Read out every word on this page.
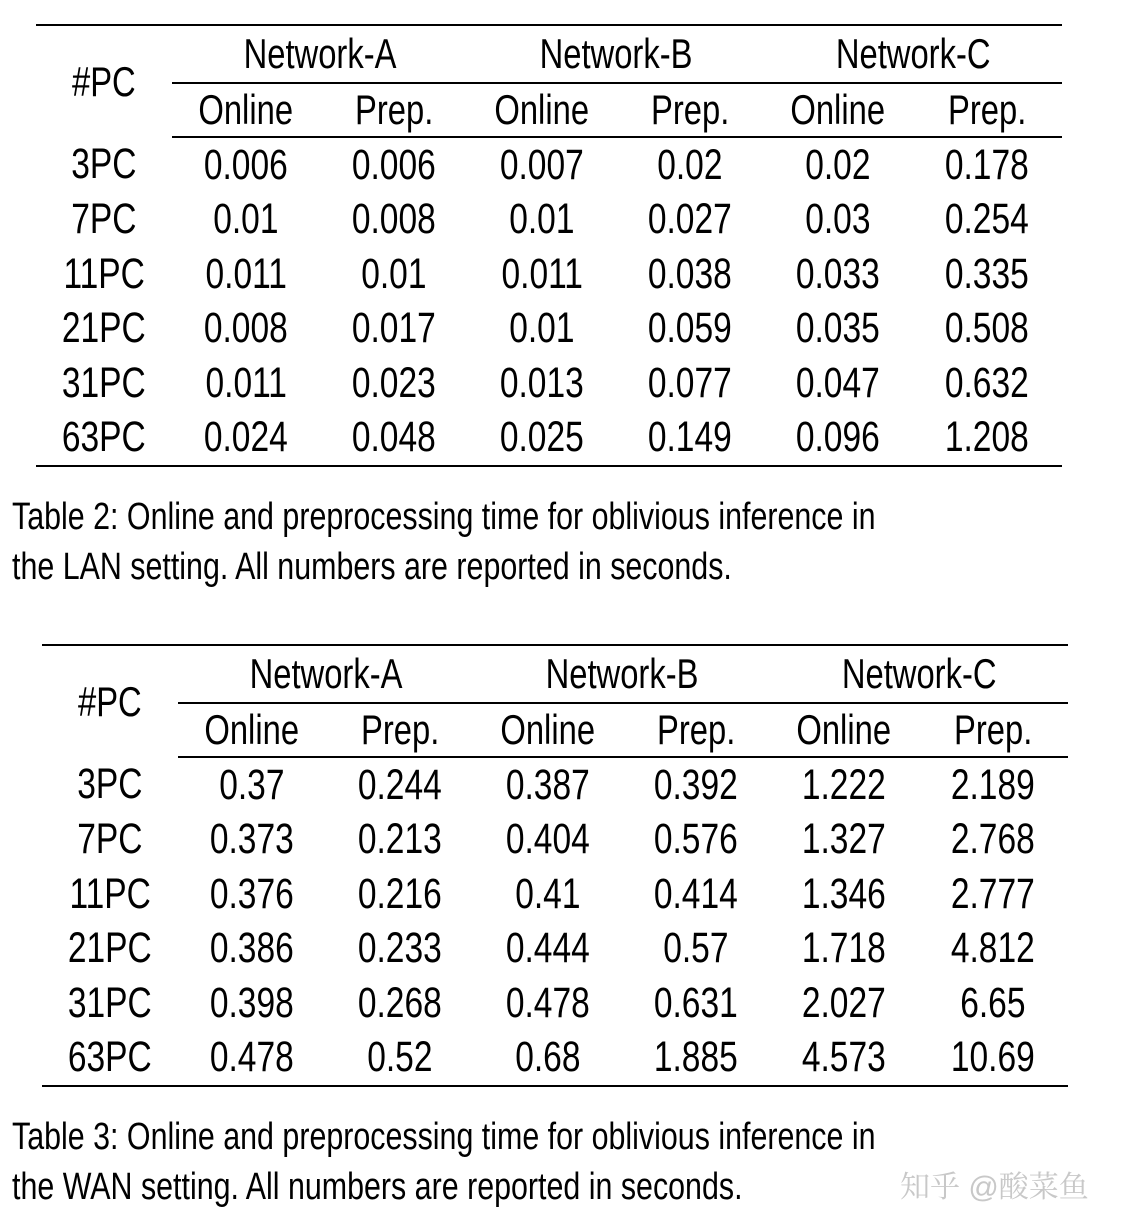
#PC	Network-A		Network-B		Network-C	
	Online	Prep.	Online	Prep.	Online	Prep.
3PC	0.006	0.006	0.007	0.02	0.02	0.178
7PC	0.01	0.008	0.01	0.027	0.03	0.254
11PC	0.011	0.01	0.011	0.038	0.033	0.335
21PC	0.008	0.017	0.01	0.059	0.035	0.508
31PC	0.011	0.023	0.013	0.077	0.047	0.632
63PC	0.024	0.048	0.025	0.149	0.096	1.208
Table 2: Online and preprocessing time for oblivious inference in
the LAN setting. All numbers are reported in seconds.
#PC	Network-A		Network-B		Network-C	
	Online	Prep.	Online	Prep.	Online	Prep.
3PC	0.37	0.244	0.387	0.392	1.222	2.189
7PC	0.373	0.213	0.404	0.576	1.327	2.768
11PC	0.376	0.216	0.41	0.414	1.346	2.777
21PC	0.386	0.233	0.444	0.57	1.718	4.812
31PC	0.398	0.268	0.478	0.631	2.027	6.65
63PC	0.478	0.52	0.68	1.885	4.573	10.69
Table 3: Online and preprocessing time for oblivious inference in
the WAN setting. All numbers are reported in seconds.	知乎 @酸菜鱼
